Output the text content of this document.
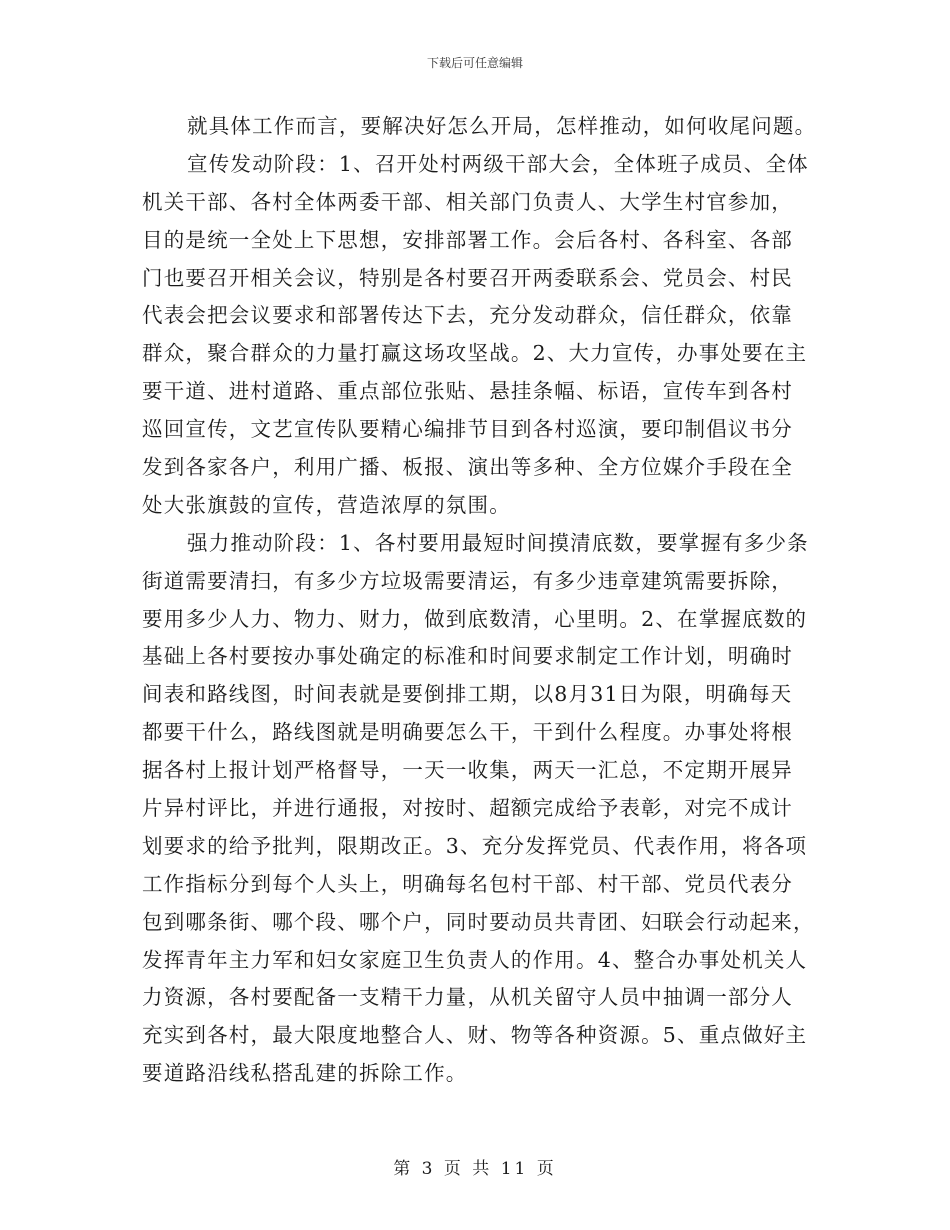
下载后可任意编辑
就具体工作而言，要解决好怎么开局，怎样推动，如何收尾问题。
宣传发动阶段：1、召开处村两级干部大会，全体班子成员、全体
机关干部、各村全体两委干部、相关部门负责人、大学生村官参加，
目的是统一全处上下思想，安排部署工作。会后各村、各科室、各部
门也要召开相关会议，特别是各村要召开两委联系会、党员会、村民
代表会把会议要求和部署传达下去，充分发动群众，信任群众，依靠
群众，聚合群众的力量打赢这场攻坚战。2、大力宣传，办事处要在主
要干道、进村道路、重点部位张贴、悬挂条幅、标语，宣传车到各村
巡回宣传，文艺宣传队要精心编排节目到各村巡演，要印制倡议书分
发到各家各户，利用广播、板报、演出等多种、全方位媒介手段在全
处大张旗鼓的宣传，营造浓厚的氛围。
强力推动阶段：1、各村要用最短时间摸清底数，要掌握有多少条
街道需要清扫，有多少方垃圾需要清运，有多少违章建筑需要拆除，
要用多少人力、物力、财力，做到底数清，心里明。2、在掌握底数的
基础上各村要按办事处确定的标准和时间要求制定工作计划，明确时
间表和路线图，时间表就是要倒排工期，以8月31日为限，明确每天
都要干什么，路线图就是明确要怎么干，干到什么程度。办事处将根
据各村上报计划严格督导，一天一收集，两天一汇总，不定期开展异
片异村评比，并进行通报，对按时、超额完成给予表彰，对完不成计
划要求的给予批判，限期改正。3、充分发挥党员、代表作用，将各项
工作指标分到每个人头上，明确每名包村干部、村干部、党员代表分
包到哪条街、哪个段、哪个户，同时要动员共青团、妇联会行动起来，
发挥青年主力军和妇女家庭卫生负责人的作用。4、整合办事处机关人
力资源，各村要配备一支精干力量，从机关留守人员中抽调一部分人
充实到各村，最大限度地整合人、财、物等各种资源。5、重点做好主
要道路沿线私搭乱建的拆除工作。
第 3 页 共 11 页
